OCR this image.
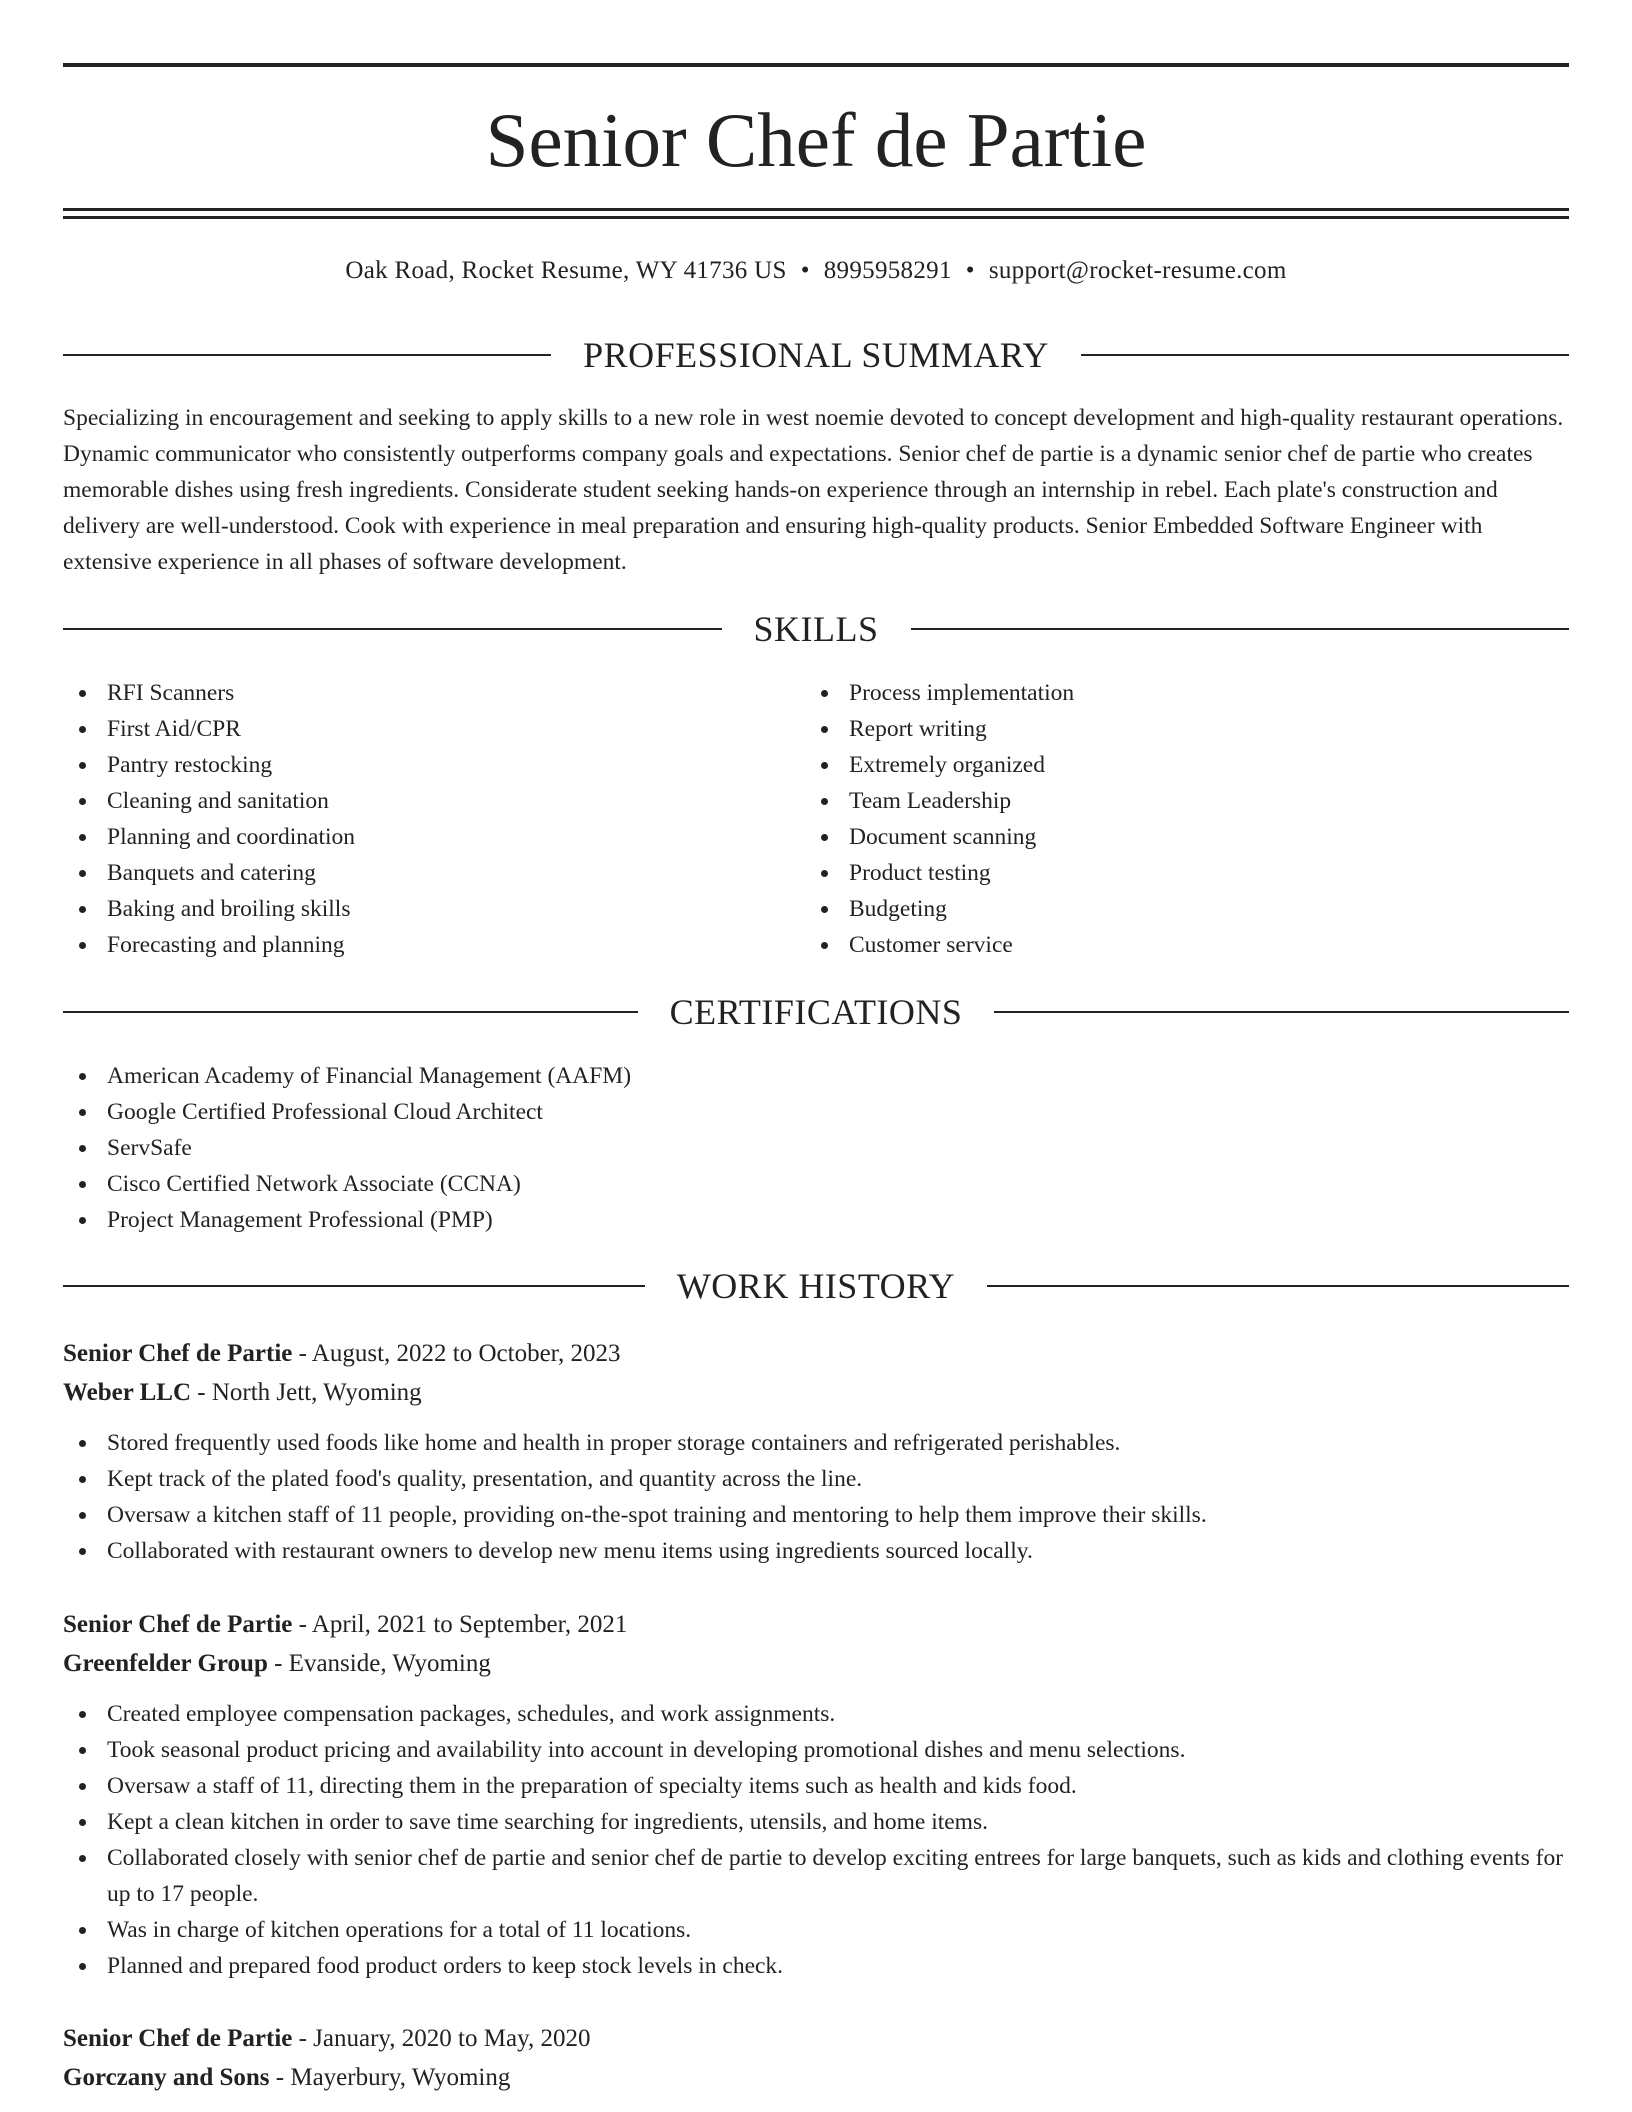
Senior Chef de Partie
Oak Road, Rocket Resume, WY 41736 US • 8995958291 • support@rocket-resume.com
PROFESSIONAL SUMMARY

Specializing in encouragement and seeking to apply skills to a new role in west noemie devoted to concept development and high-quality restaurant operations. Dynamic communicator who consistently outperforms company goals and expectations. Senior chef de partie is a dynamic senior chef de partie who creates memorable dishes using fresh ingredients. Considerate student seeking hands-on experience through an internship in rebel. Each plate's construction and delivery are well-understood. Cook with experience in meal preparation and ensuring high-quality products. Senior Embedded Software Engineer with extensive experience in all phases of software development.

SKILLS
RFI Scanners
First Aid/CPR
Pantry restocking
Cleaning and sanitation
Planning and coordination
Banquets and catering
Baking and broiling skills
Forecasting and planning
Process implementation
Report writing
Extremely organized
Team Leadership
Document scanning
Product testing
Budgeting
Customer service
CERTIFICATIONS
American Academy of Financial Management (AAFM)
Google Certified Professional Cloud Architect
ServSafe
Cisco Certified Network Associate (CCNA)
Project Management Professional (PMP)
WORK HISTORY
Senior Chef de Partie - August, 2022 to October, 2023
Weber LLC - North Jett, Wyoming
Stored frequently used foods like home and health in proper storage containers and refrigerated perishables.
Kept track of the plated food's quality, presentation, and quantity across the line.
Oversaw a kitchen staff of 11 people, providing on-the-spot training and mentoring to help them improve their skills.
Collaborated with restaurant owners to develop new menu items using ingredients sourced locally.
Senior Chef de Partie - April, 2021 to September, 2021
Greenfelder Group - Evanside, Wyoming
Created employee compensation packages, schedules, and work assignments.
Took seasonal product pricing and availability into account in developing promotional dishes and menu selections.
Oversaw a staff of 11, directing them in the preparation of specialty items such as health and kids food.
Kept a clean kitchen in order to save time searching for ingredients, utensils, and home items.
Collaborated closely with senior chef de partie and senior chef de partie to develop exciting entrees for large banquets, such as kids and clothing events for up to 17 people.
Was in charge of kitchen operations for a total of 11 locations.
Planned and prepared food product orders to keep stock levels in check.
Senior Chef de Partie - January, 2020 to May, 2020
Gorczany and Sons - Mayerbury, Wyoming
